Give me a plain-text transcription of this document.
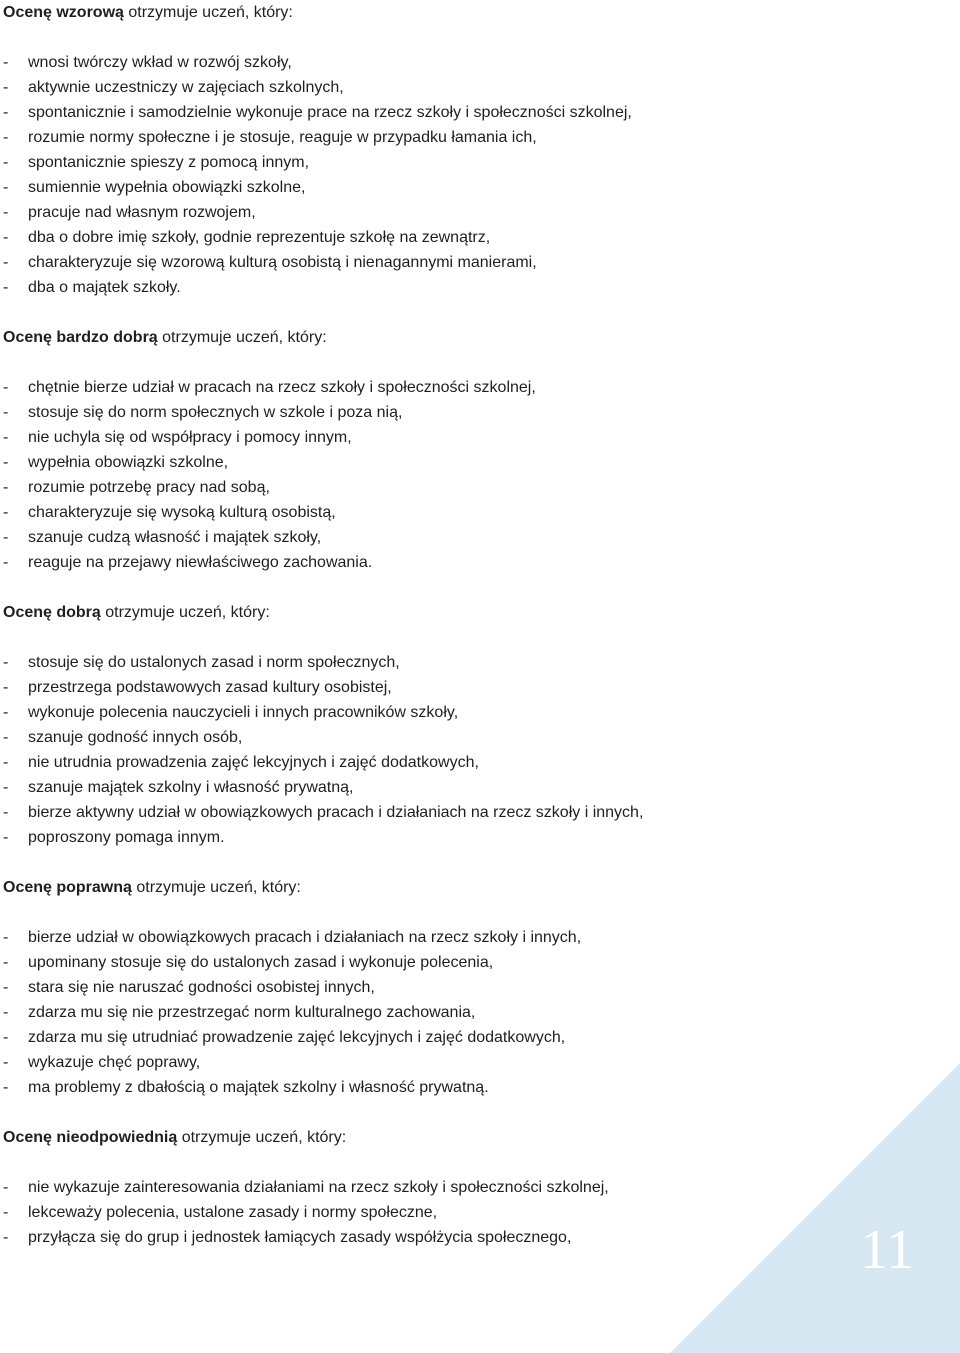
11

Ocenę wzorową otrzymuje uczeń, który:

-	wnosi twórczy wkład w rozwój szkoły,
-	aktywnie uczestniczy w zajęciach szkolnych,
-	spontanicznie i samodzielnie wykonuje prace na rzecz szkoły i społeczności szkolnej,
-	rozumie normy społeczne i je stosuje, reaguje w przypadku łamania ich,
-	spontanicznie spieszy z pomocą innym,
-	sumiennie wypełnia obowiązki szkolne,
-	pracuje nad własnym rozwojem,
-	dba o dobre imię szkoły, godnie reprezentuje szkołę na zewnątrz,
-	charakteryzuje się wzorową kulturą osobistą i nienagannymi manierami,
-	dba o majątek szkoły.

Ocenę bardzo dobrą otrzymuje uczeń, który:

-	chętnie bierze udział w pracach na rzecz szkoły i społeczności szkolnej,
-	stosuje się do norm społecznych w szkole i poza nią,
-	nie uchyla się od współpracy i pomocy innym,
-	wypełnia obowiązki szkolne,
-	rozumie potrzebę pracy nad sobą,
-	charakteryzuje się wysoką kulturą osobistą,
-	szanuje cudzą własność i majątek szkoły,
-	reaguje na przejawy niewłaściwego zachowania.

Ocenę dobrą otrzymuje uczeń, który:

-	stosuje się do ustalonych zasad i norm społecznych,
-	przestrzega podstawowych zasad kultury osobistej,
-	wykonuje polecenia nauczycieli i innych pracowników szkoły,
-	szanuje godność innych osób,
-	nie utrudnia prowadzenia zajęć lekcyjnych i zajęć dodatkowych,
-	szanuje majątek szkolny i własność prywatną,
-	bierze aktywny udział w obowiązkowych pracach i działaniach na rzecz szkoły i innych,
-	poproszony pomaga innym.

Ocenę poprawną otrzymuje uczeń, który:

-	bierze udział w obowiązkowych pracach i działaniach na rzecz szkoły i innych,
-	upominany stosuje się do ustalonych zasad i wykonuje polecenia,
-	stara się nie naruszać godności osobistej innych,
-	zdarza mu się nie przestrzegać norm kulturalnego zachowania,
-	zdarza mu się utrudniać prowadzenie zajęć lekcyjnych i zajęć dodatkowych,
-	wykazuje chęć poprawy,
-	ma problemy z dbałością o majątek szkolny i własność prywatną.

Ocenę nieodpowiednią otrzymuje uczeń, który:

-	nie wykazuje zainteresowania działaniami na rzecz szkoły i społeczności szkolnej,
-	lekceważy polecenia, ustalone zasady i normy społeczne,
-	przyłącza się do grup i jednostek łamiących zasady współżycia społecznego,
